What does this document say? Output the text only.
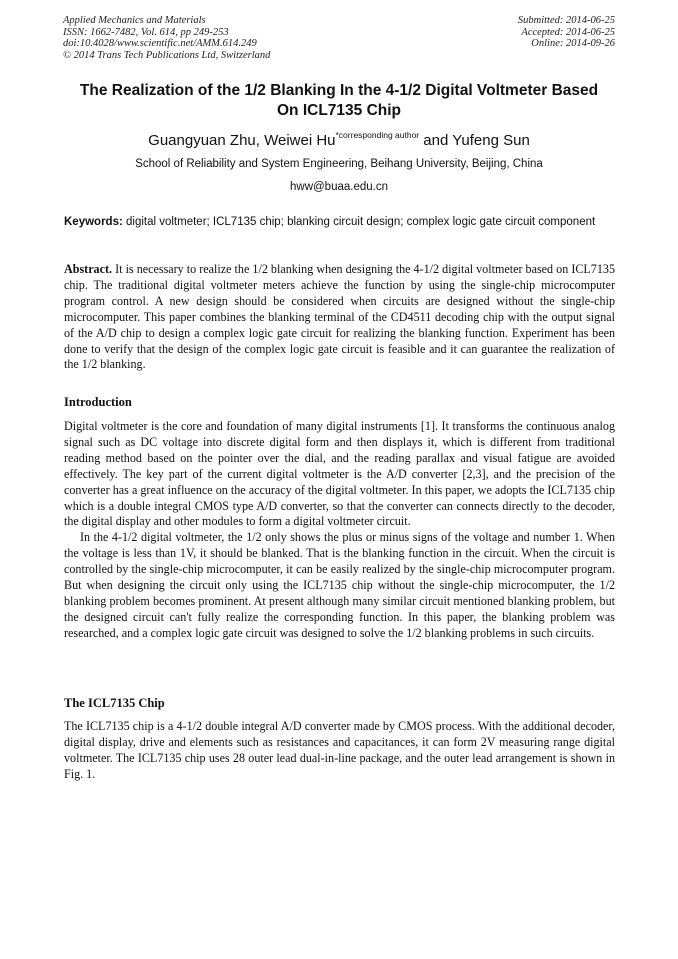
Applied Mechanics and Materials
ISSN: 1662-7482, Vol. 614, pp 249-253
doi:10.4028/www.scientific.net/AMM.614.249
© 2014 Trans Tech Publications Ltd, Switzerland
Submitted: 2014-06-25
Accepted: 2014-06-25
Online: 2014-09-26
The Realization of the 1/2 Blanking In the 4-1/2 Digital Voltmeter Based
On ICL7135 Chip
Guangyuan Zhu, Weiwei $Hu^{*corresponding author}$ and Yufeng Sun
School of Reliability and System Engineering, Beihang University, Beijing, China
hww@buaa.edu.cn
Keywords: digital voltmeter; ICL7135 chip; blanking circuit design; complex logic gate circuit component
Abstract. It is necessary to realize the 1/2 blanking when designing the 4-1/2 digital voltmeter based on ICL7135 chip. The traditional digital voltmeter meters achieve the function by using the single-chip microcomputer program control. A new design should be considered when circuits are designed without the single-chip microcomputer. This paper combines the blanking terminal of the CD4511 decoding chip with the output signal of the A/D chip to design a complex logic gate circuit for realizing the blanking function. Experiment has been done to verify that the design of the complex logic gate circuit is feasible and it can guarantee the realization of the 1/2 blanking.
Introduction

Digital voltmeter is the core and foundation of many digital instruments [1]. It transforms the continuous analog signal such as DC voltage into discrete digital form and then displays it, which is different from traditional reading method based on the pointer over the dial, and the reading parallax and visual fatigue are avoided effectively. The key part of the current digital voltmeter is the A/D converter [2,3], and the precision of the converter has a great influence on the accuracy of the digital voltmeter. In this paper, we adopts the ICL7135 chip which is a double integral CMOS type A/D converter, so that the converter can connects directly to the decoder, the digital display and other modules to form a digital voltmeter circuit.

In the 4-1/2 digital voltmeter, the 1/2 only shows the plus or minus signs of the voltage and number 1. When the voltage is less than 1V, it should be blanked. That is the blanking function in the circuit. When the circuit is controlled by the single-chip microcomputer, it can be easily realized by the single-chip microcomputer program. But when designing the circuit only using the ICL7135 chip without the single-chip microcomputer, the 1/2 blanking problem becomes prominent. At present although many similar circuit mentioned blanking problem, but the designed circuit can't fully realize the corresponding function. In this paper, the blanking problem was researched, and a complex logic gate circuit was designed to solve the 1/2 blanking problems in such circuits.

The ICL7135 Chip

The ICL7135 chip is a 4-1/2 double integral A/D converter made by CMOS process. With the additional decoder, digital display, drive and elements such as resistances and capacitances, it can form 2V measuring range digital voltmeter. The ICL7135 chip uses 28 outer lead dual-in-line package, and the outer lead arrangement is shown in Fig. 1.
